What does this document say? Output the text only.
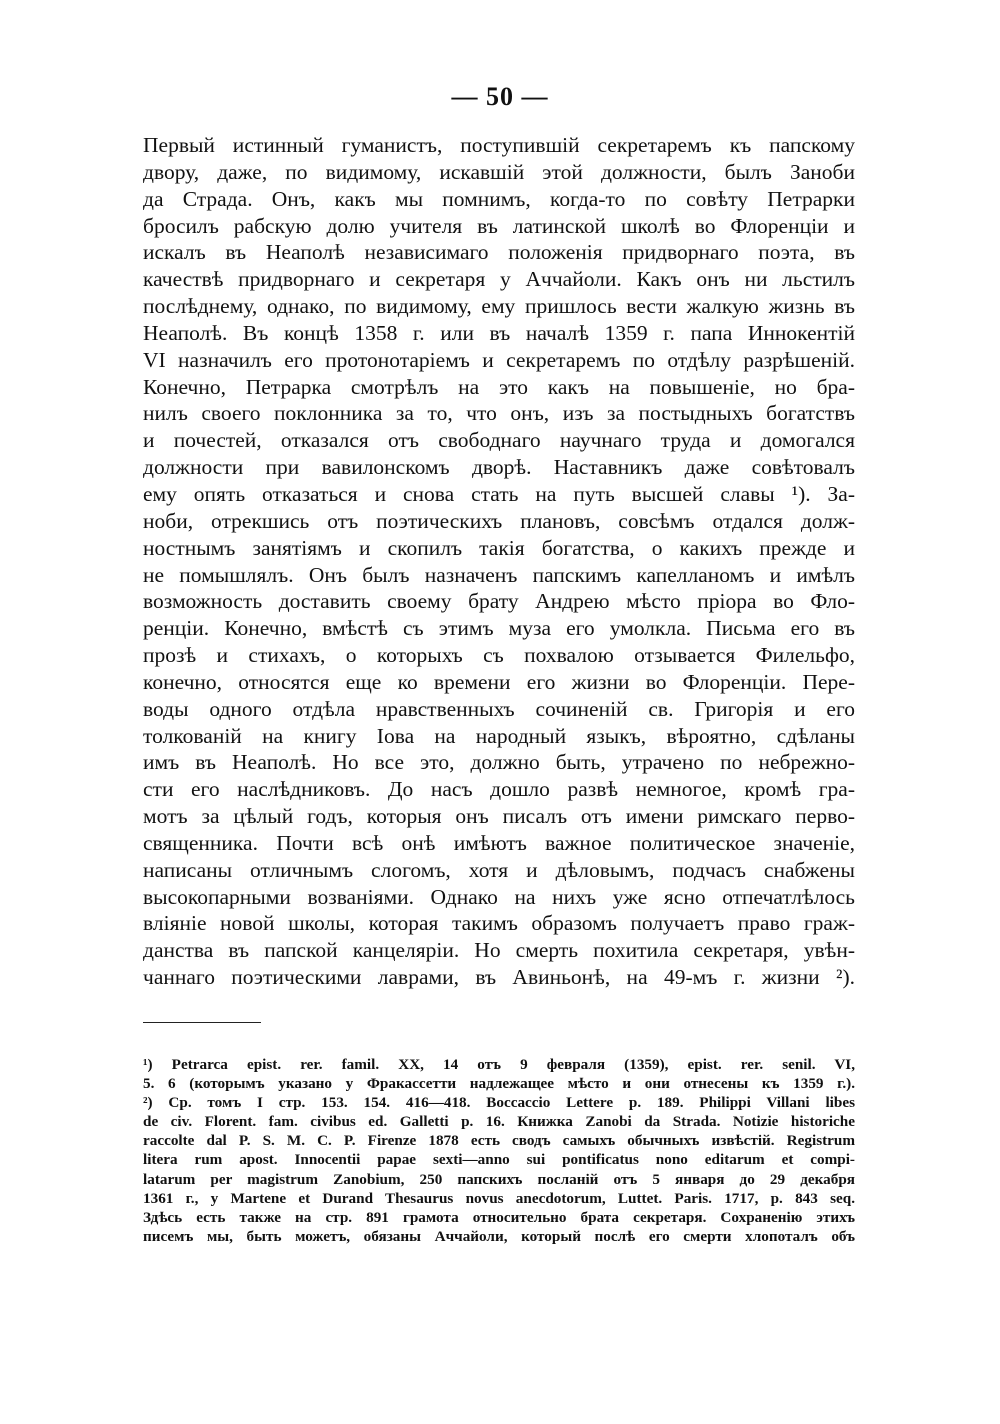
— 50 —
Первый истинный гуманистъ, поступившій секретаремъ къ папскому
двору, даже, по видимому, искавшій этой должности, былъ Заноби
да Страда. Онъ, какъ мы помнимъ, когда-то по совѣту Петрарки
бросилъ рабскую долю учителя въ латинской школѣ во Флоренціи и
искалъ въ Неаполѣ независимаго положенія придворнаго поэта, въ
качествѣ придворнаго и секретаря у Аччайоли. Какъ онъ ни льстилъ
послѣднему, однако, по видимому, ему пришлось вести жалкую жизнь въ
Неаполѣ. Въ концѣ 1358 г. или въ началѣ 1359 г. папа Иннокентій
VI назначилъ его протонотаріемъ и секретаремъ по отдѣлу разрѣшеній.
Конечно, Петрарка смотрѣлъ на это какъ на повышеніе, но бра-
нилъ своего поклонника за то, что онъ, изъ за постыдныхъ богатствъ
и почестей, отказался отъ свободнаго научнаго труда и домогался
должности при вавилонскомъ дворѣ. Наставникъ даже совѣтовалъ
ему опять отказаться и снова стать на путь высшей славы ¹). За-
ноби, отрекшись отъ поэтическихъ плановъ, совсѣмъ отдался долж-
ностнымъ занятіямъ и скопилъ такія богатства, о какихъ прежде и
не помышлялъ. Онъ былъ назначенъ папскимъ капелланомъ и имѣлъ
возможность доставить своему брату Андрею мѣсто пріора во Фло-
ренціи. Конечно, вмѣстѣ съ этимъ муза его умолкла. Письма его въ
прозѣ и стихахъ, о которыхъ съ похвалою отзывается Филельфо,
конечно, относятся еще ко времени его жизни во Флоренціи. Пере-
воды одного отдѣла нравственныхъ сочиненій св. Григорія и его
толкованій на книгу Іова на народный языкъ, вѣроятно, сдѣланы
имъ въ Неаполѣ. Но все это, должно быть, утрачено по небрежно-
сти его наслѣдниковъ. До насъ дошло развѣ немногое, кромѣ гра-
мотъ за цѣлый годъ, которыя онъ писалъ отъ имени римскаго перво-
священника. Почти всѣ онѣ имѣютъ важное политическое значеніе,
написаны отличнымъ слогомъ, хотя и дѣловымъ, подчасъ снабжены
высокопарными возваніями. Однако на нихъ уже ясно отпечатлѣлось
вліяніе новой школы, которая такимъ образомъ получаетъ право граж-
данства въ папской канцеляріи. Но смерть похитила секретаря, увѣн-
чаннаго поэтическими лаврами, въ Авиньонѣ, на 49-мъ г. жизни ²).
¹) Petrarca epist. rer. famil. XX, 14 отъ 9 февраля (1359), epist. rer. senil. VI,
5. 6 (которымъ указано у Фракассетти надлежащее мѣсто и они отнесены къ 1359 г.).
²) Ср. томъ I стр. 153. 154. 416—418. Boccaccio Lettere p. 189. Philippi Villani libes
de civ. Florent. fam. civibus ed. Galletti p. 16. Книжка Zanobi da Strada. Notizie historiche
raccolte dal P. S. M. C. P. Firenze 1878 есть сводъ самыхъ обычныхъ извѣстій. Registrum
litera rum apost. Innocentii papae sexti—anno sui pontificatus nono editarum et compi-
latarum per magistrum Zanobium, 250 папскихъ посланій отъ 5 января до 29 декабря
1361 г., у Martene et Durand Thesaurus novus anecdotorum, Luttet. Paris. 1717, p. 843 seq.
Здѣсь есть также на стр. 891 грамота относительно брата секретаря. Сохраненію этихъ
писемъ мы, быть можетъ, обязаны Аччайоли, который послѣ его смерти хлопоталъ объ
